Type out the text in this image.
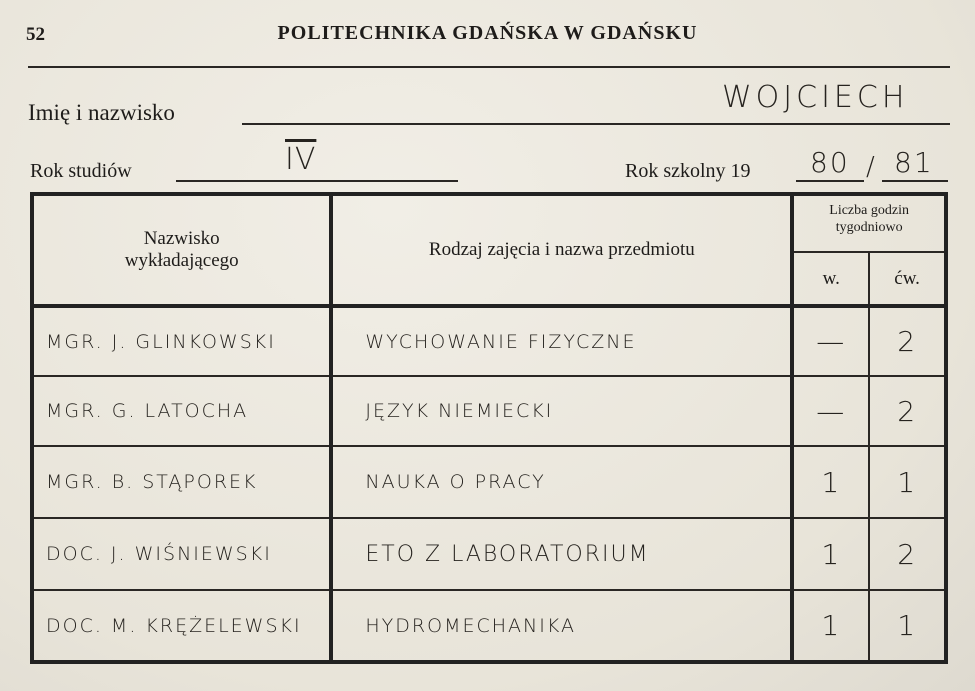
52	POLITECHNIKA GDAŃSKA W GDAŃSKU
Imię i nazwisko	WOJCIECH
Rok studiów	$\overline{IV}$	Rok szkolny 19 80 / 81
Nazwisko
wykładającego	Rodzaj zajęcia i nazwa przedmiotu	Liczba godzin
tygodniowo	
		w.	ćw.
MGR. J. GLINKOWSKI	WYCHOWANIE FIZYCZNE	—	2
MGR. G. LATOCHA	JĘZYK NIEMIECKI	—	2
MGR. B. STĄPOREK	NAUKA O PRACY	1	1
DOC. J. WIŚNIEWSKI	ETO Z LABORATORIUM	1	2
DOC. M. KRĘŻELEWSKI	HYDROMECHANIKA	1	1
